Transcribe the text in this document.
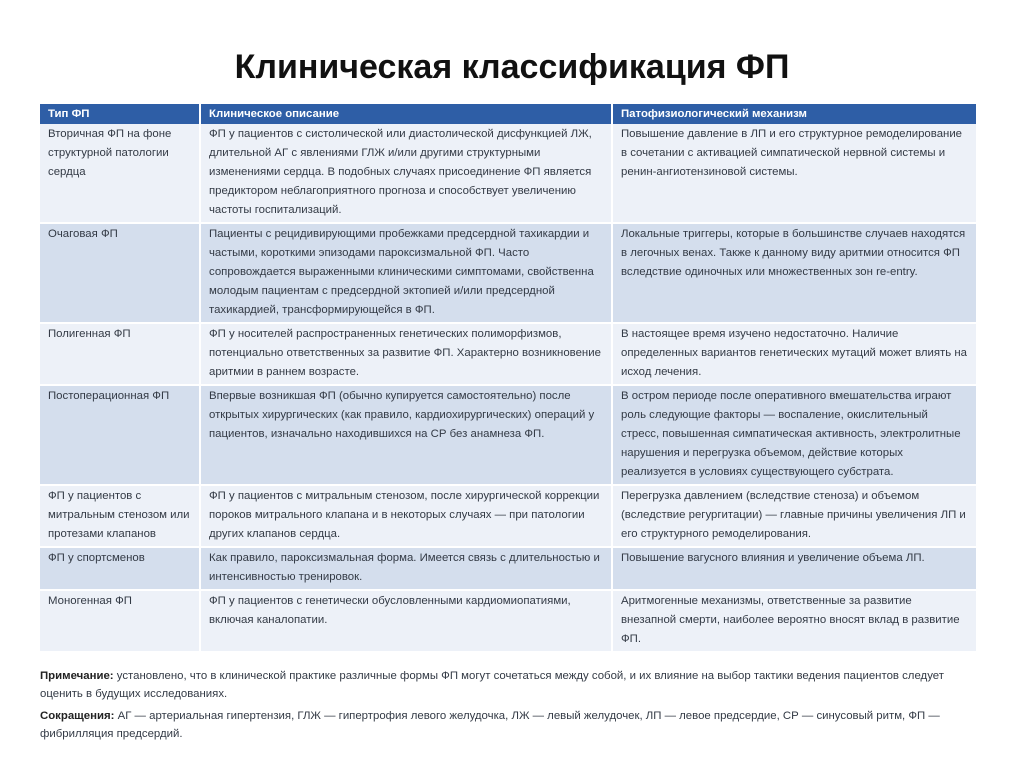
Клиническая классификация ФП
Тип ФП	Клиническое описание	Патофизиологический механизм
Вторичная ФП на фоне структурной патологии сердца	ФП у пациентов с систолической или диастолической дисфункцией ЛЖ, длительной АГ с явлениями ГЛЖ и/или другими структурными изменениями сердца. В подобных случаях присоединение ФП является предиктором неблагоприятного прогноза и способствует увеличению частоты госпитализаций.	Повышение давление в ЛП и его структурное ремоделирование в сочетании с активацией симпатической нервной системы и ренин-ангиотензиновой системы.
Очаговая ФП	Пациенты с рецидивирующими пробежками предсердной тахикардии и частыми, короткими эпизодами пароксизмальной ФП. Часто сопровождается выраженными клиническими симптомами, свойственна молодым пациентам с предсердной эктопией и/или предсердной тахикардией, трансформирующейся в ФП.	Локальные триггеры, которые в большинстве случаев находятся в легочных венах. Также к данному виду аритмии относится ФП вследствие одиночных или множественных зон re-entry.
Полигенная ФП	ФП у носителей распространенных генетических полиморфизмов, потенциально ответственных за развитие ФП. Характерно возникновение аритмии в раннем возрасте.	В настоящее время изучено недостаточно. Наличие определенных вариантов генетических мутаций может влиять на исход лечения.
Постоперационная ФП	Впервые возникшая ФП (обычно купируется самостоятельно) после открытых хирургических (как правило, кардиохирургических) операций у пациентов, изначально находившихся на СР без анамнеза ФП.	В остром периоде после оперативного вмешательства играют роль следующие факторы — воспаление, окислительный стресс, повышенная симпатическая активность, электролитные нарушения и перегрузка объемом, действие которых реализуется в условиях существующего субстрата.
ФП у пациентов с митральным стенозом или протезами клапанов	ФП у пациентов с митральным стенозом, после хирургической коррекции пороков митрального клапана и в некоторых случаях — при патологии других клапанов сердца.	Перегрузка давлением (вследствие стеноза) и объемом (вследствие регургитации) — главные причины увеличения ЛП и его структурного ремоделирования.
ФП у спортсменов	Как правило, пароксизмальная форма. Имеется связь с длительностью и интенсивностью тренировок.	Повышение вагусного влияния и увеличение объема ЛП.
Моногенная ФП	ФП у пациентов с генетически обусловленными кардиомиопатиями, включая каналопатии.	Аритмогенные механизмы, ответственные за развитие внезапной смерти, наиболее вероятно вносят вклад в развитие ФП.

Примечание: установлено, что в клинической практике различные формы ФП могут сочетаться между собой, и их влияние на выбор тактики ведения пациентов следует оценить в будущих исследованиях.

Сокращения: АГ — артериальная гипертензия, ГЛЖ — гипертрофия левого желудочка, ЛЖ — левый желудочек, ЛП — левое предсердие, СР — синусовый ритм, ФП — фибрилляция предсердий.
